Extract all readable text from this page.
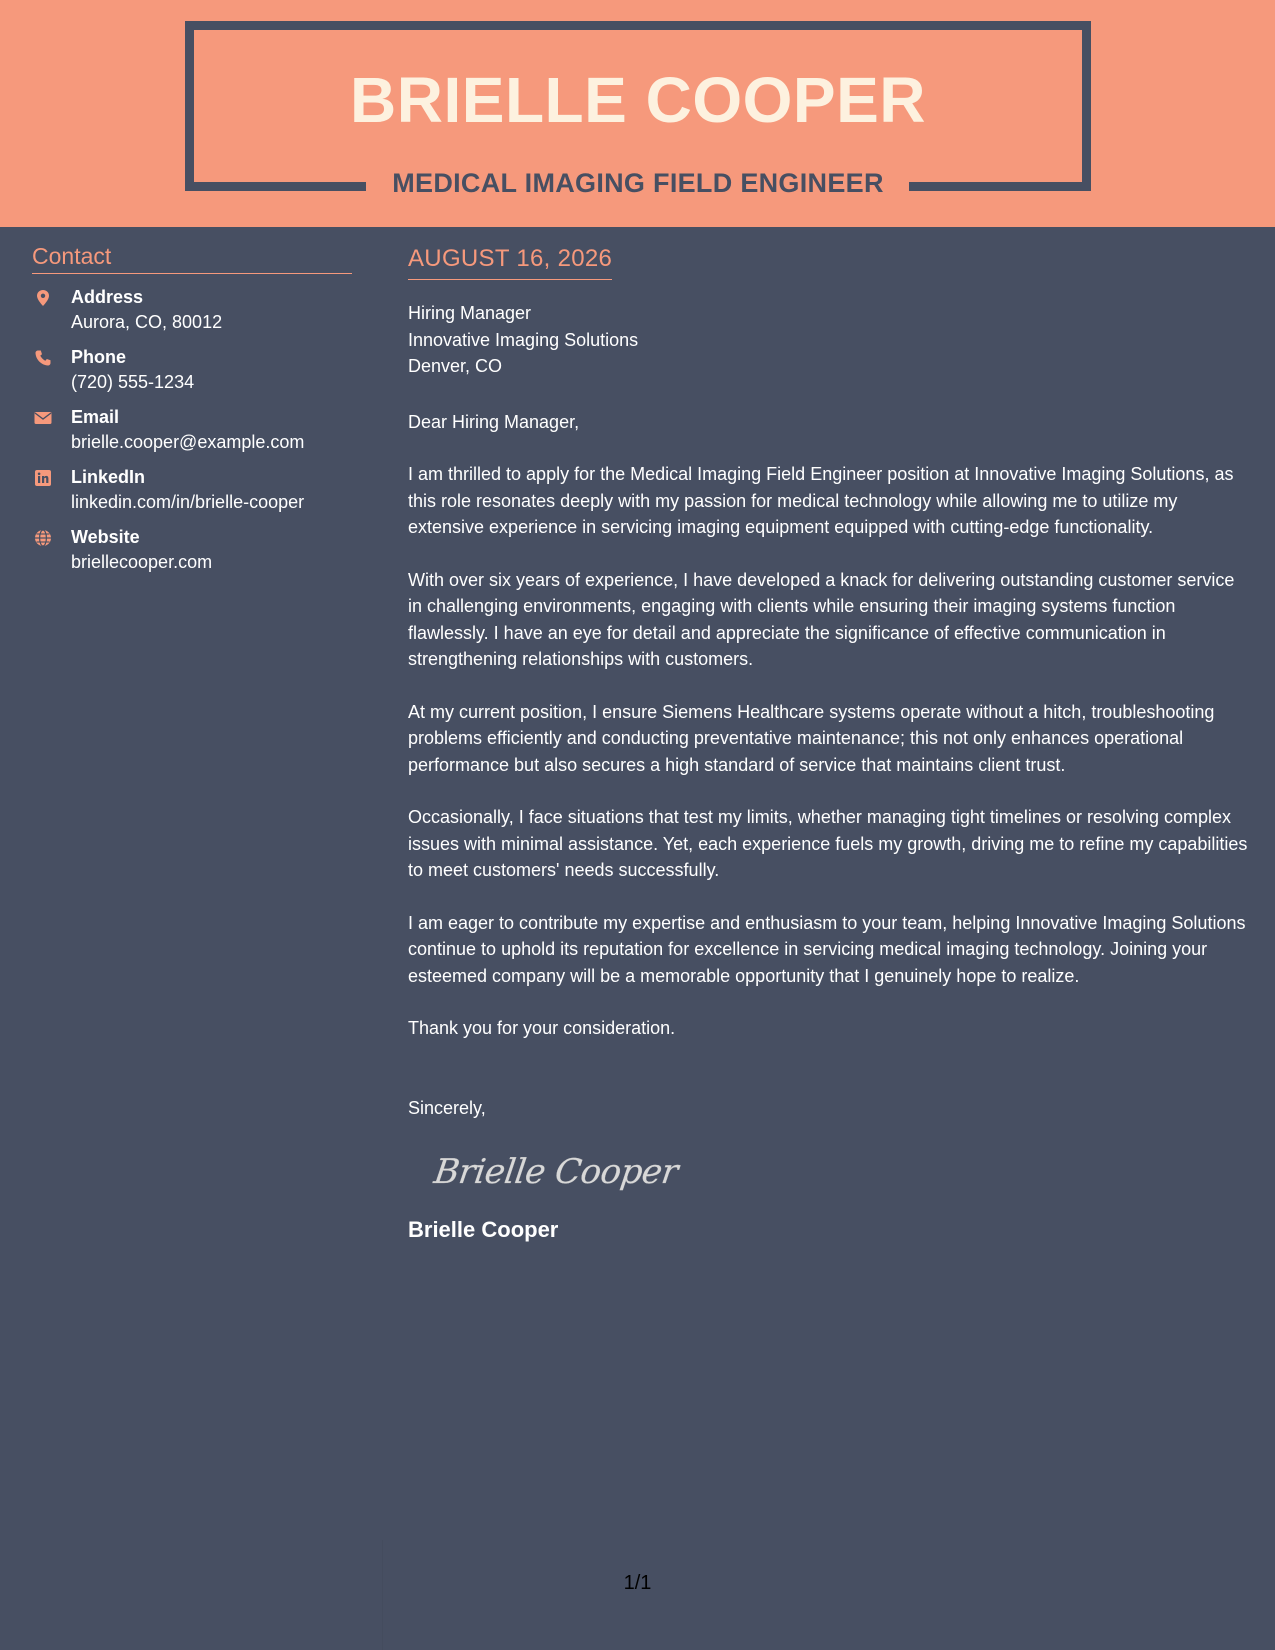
BRIELLE COOPER
MEDICAL IMAGING FIELD ENGINEER
Contact
Address
Aurora, CO, 80012
Phone
(720) 555-1234
Email
brielle.cooper@example.com
LinkedIn
linkedin.com/in/brielle-cooper
Website
briellecooper.com
AUGUST 16, 2026
Hiring Manager
Innovative Imaging Solutions
Denver, CO

Dear Hiring Manager,

I am thrilled to apply for the Medical Imaging Field Engineer position at Innovative Imaging Solutions, as this role resonates deeply with my passion for medical technology while allowing me to utilize my extensive experience in servicing imaging equipment equipped with cutting-edge functionality.

With over six years of experience, I have developed a knack for delivering outstanding customer service in challenging environments, engaging with clients while ensuring their imaging systems function flawlessly. I have an eye for detail and appreciate the significance of effective communication in strengthening relationships with customers.

At my current position, I ensure Siemens Healthcare systems operate without a hitch, troubleshooting problems efficiently and conducting preventative maintenance; this not only enhances operational performance but also secures a high standard of service that maintains client trust.

Occasionally, I face situations that test my limits, whether managing tight timelines or resolving complex issues with minimal assistance. Yet, each experience fuels my growth, driving me to refine my capabilities to meet customers' needs successfully.

I am eager to contribute my expertise and enthusiasm to your team, helping Innovative Imaging Solutions continue to uphold its reputation for excellence in servicing medical imaging technology. Joining your esteemed company will be a memorable opportunity that I genuinely hope to realize.

Thank you for your consideration.

Sincerely,

Brielle Cooper
Brielle Cooper
1/1
